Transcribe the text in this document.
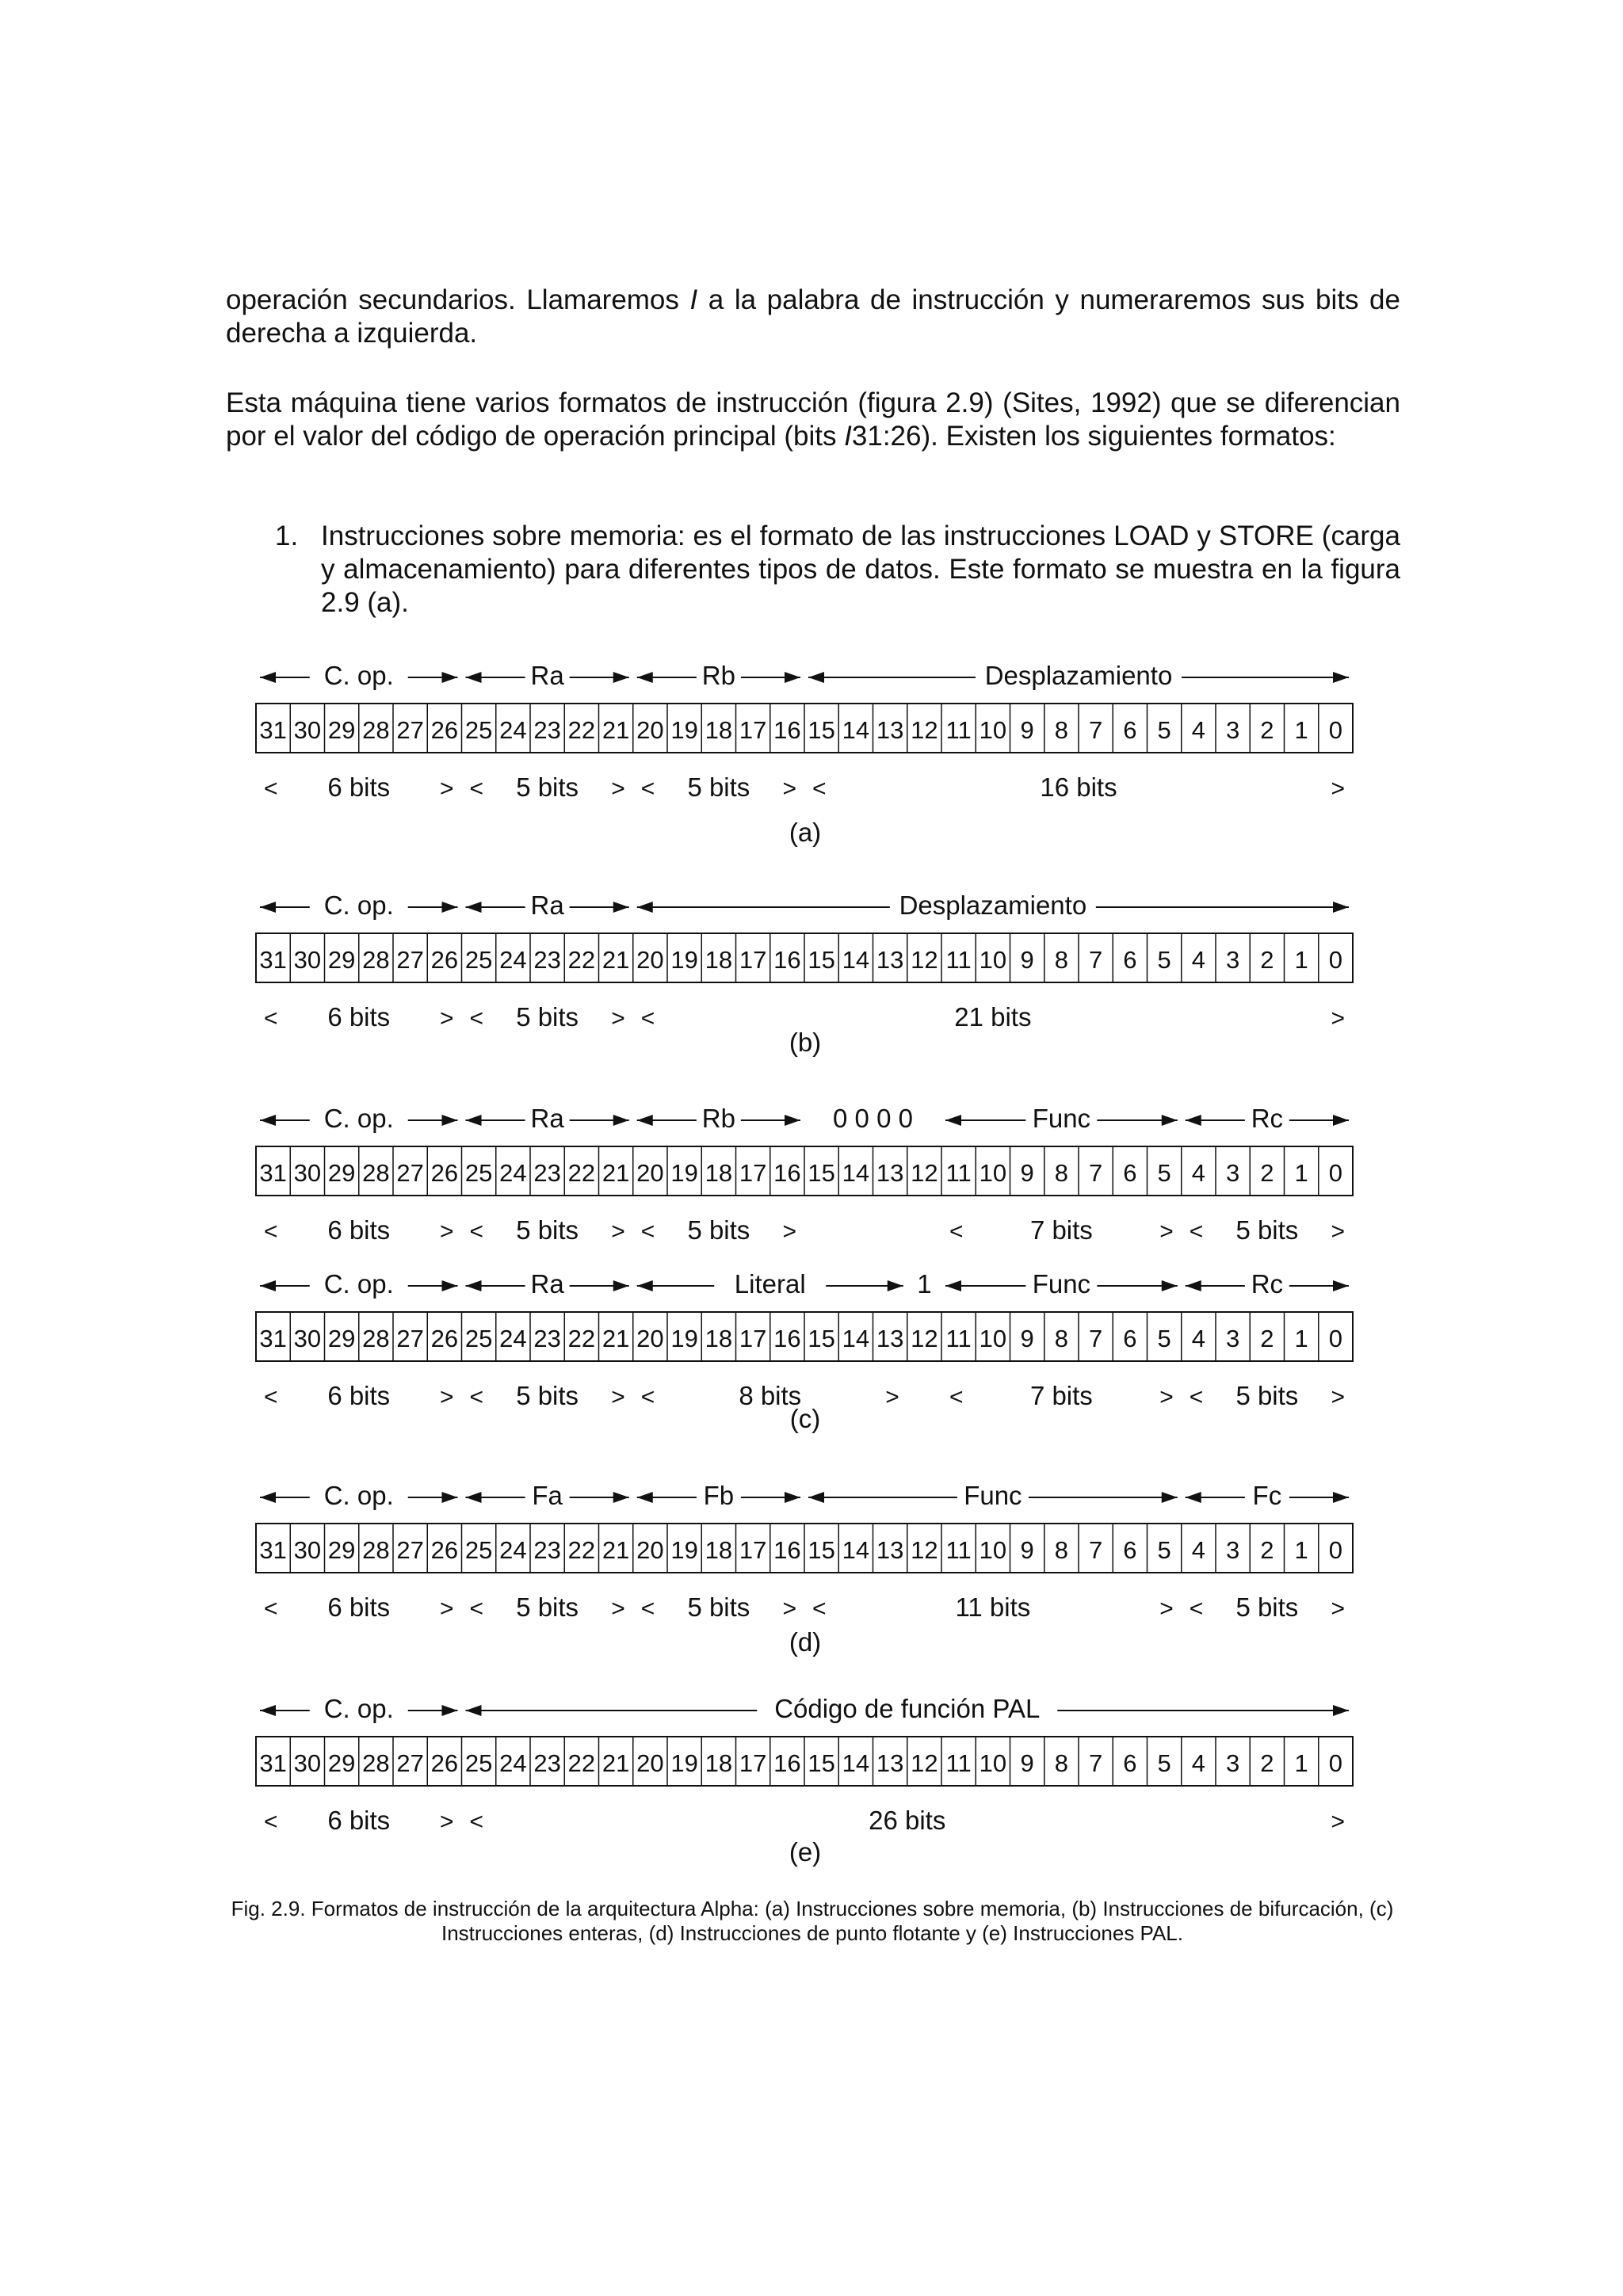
operación secundarios. Llamaremos I a la palabra de instrucción y numeraremos sus bits de derecha a izquierda.

Esta máquina tiene varios formatos de instrucción (figura 2.9) (Sites, 1992) que se diferencian por el valor del código de operación principal (bits I31:26). Existen los siguientes formatos:

1. Instrucciones sobre memoria: es el formato de las instrucciones LOAD y STORE (carga y almacenamiento) para diferentes tipos de datos. Este formato se muestra en la figura 2.9 (a).
31 30 29 28 27 26 25 24 23 22 21 20 19 18 17 16 15 14 13 12 11 10 9 8 7 6 5 4 3 2 1 0
C. op.
6 bits
<	>
Ra
5 bits
<	>
Rb
5 bits
<	>
Desplazamiento
16 bits
<	>
(a)
31 30 29 28 27 26 25 24 23 22 21 20 19 18 17 16 15 14 13 12 11 10 9 8 7 6 5 4 3 2 1 0
C. op.
6 bits
<	>
Ra
5 bits
<	>
Desplazamiento
21 bits
<	>
(b)
31 30 29 28 27 26 25 24 23 22 21 20 19 18 17 16 15 14 13 12 11 10 9 8 7 6 5 4 3 2 1 0
C. op.
6 bits
<	>
Ra
5 bits
<	>
Rb
5 bits
<	>
0 0 0 0	Func
7 bits
<	>
Rc
5 bits
<	>
31 30 29 28 27 26 25 24 23 22 21 20 19 18 17 16 15 14 13 12 11 10 9 8 7 6 5 4 3 2 1 0
C. op.
6 bits
<	>
Ra
5 bits
<	>
Literal
8 bits
<	>
1	Func
7 bits
<	>
Rc
5 bits
<	>
(c)
31 30 29 28 27 26 25 24 23 22 21 20 19 18 17 16 15 14 13 12 11 10 9 8 7 6 5 4 3 2 1 0
C. op.
6 bits
<	>
Fa
5 bits
<	>
Fb
5 bits
<	>
Func
11 bits
<	>
Fc
5 bits
<	>
(d)
31 30 29 28 27 26 25 24 23 22 21 20 19 18 17 16 15 14 13 12 11 10 9 8 7 6 5 4 3 2 1 0
C. op.
6 bits
<	>
Código de función PAL
26 bits
<	>
(e)
Fig. 2.9. Formatos de instrucción de la arquitectura Alpha: (a) Instrucciones sobre memoria, (b) Instrucciones de bifurcación, (c) Instrucciones enteras, (d) Instrucciones de punto flotante y (e) Instrucciones PAL.
